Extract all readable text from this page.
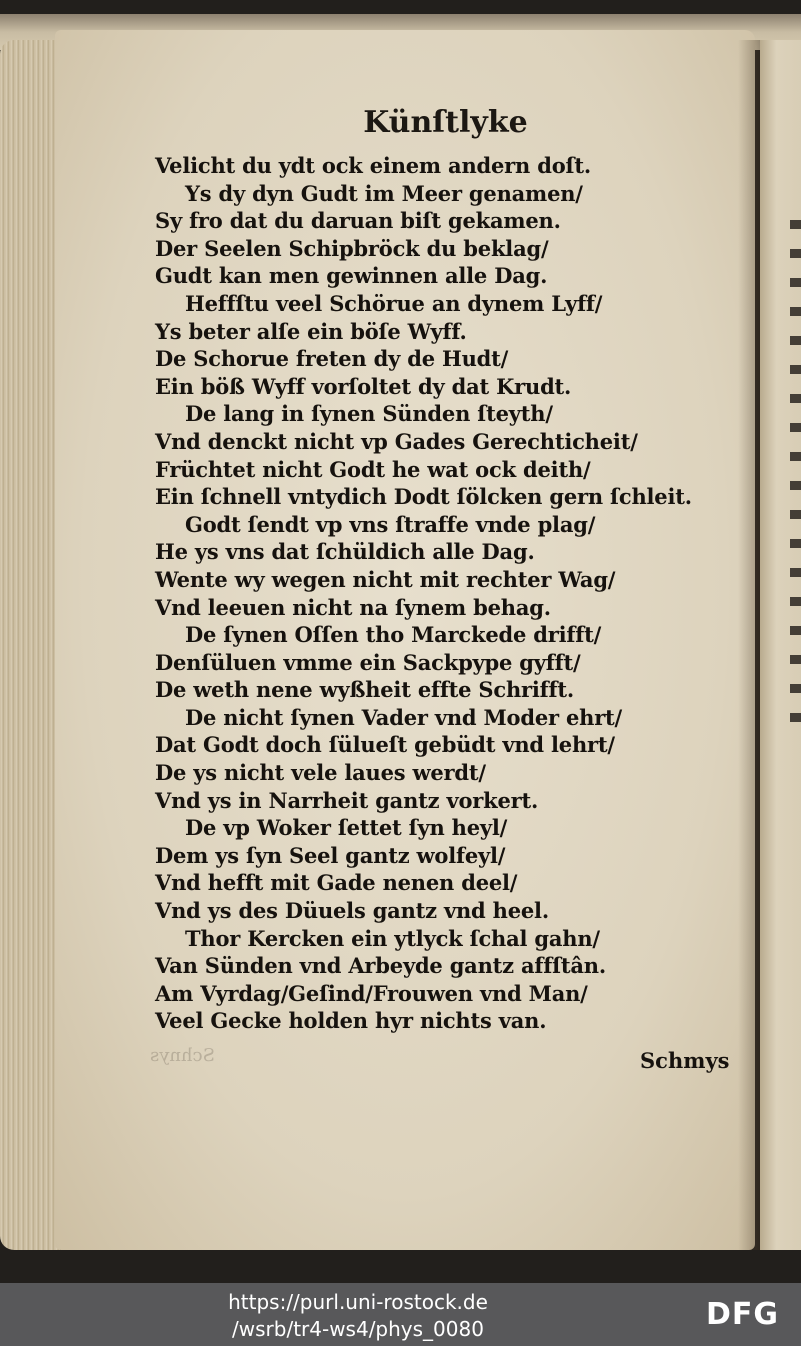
Schnys
Künſtlyke
Velicht du ydt ock einem andern doſt.
Ys dy dyn Gudt im Meer genamen/
Sy fro dat du daruan biſt gekamen.
Der Seelen Schipbröck du beklag/
Gudt kan men gewinnen alle Dag.
Heffſtu veel Schörue an dynem Lyff/
Ys beter alſe ein böſe Wyff.
De Schorue freten dy de Hudt/
Ein böß Wyff vorſoltet dy dat Krudt.
De lang in ſynen Sünden ſteyth/
Vnd denckt nicht vp Gades Gerechticheit/
Früchtet nicht Godt he wat ock deith/
Ein ſchnell vntydich Dodt ſölcken gern ſchleit.
Godt ſendt vp vns ſtraffe vnde plag/
He ys vns dat ſchüldich alle Dag.
Wente wy wegen nicht mit rechter Wag/
Vnd leeuen nicht na ſynem behag.
De ſynen Oſſen tho Marckede drifft/
Denſüluen vmme ein Sackpype gyfft/
De weth nene wyßheit effte Schrifft.
De nicht ſynen Vader vnd Moder ehrt/
Dat Godt doch ſülueſt gebüdt vnd lehrt/
De ys nicht vele laues werdt/
Vnd ys in Narrheit gantz vorkert.
De vp Woker ſettet ſyn heyl/
Dem ys ſyn Seel gantz wolfeyl/
Vnd hefft mit Gade nenen deel/
Vnd ys des Düuels gantz vnd heel.
Thor Kercken ein ytlyck ſchal gahn/
Van Sünden vnd Arbeyde gantz affſtân.
Am Vyrdag/Geſind/Frouwen vnd Man/
Veel Gecke holden hyr nichts van.
Schmys
https://purl.uni-rostock.de
/wsrb/tr4-ws4/phys_0080	DFG
